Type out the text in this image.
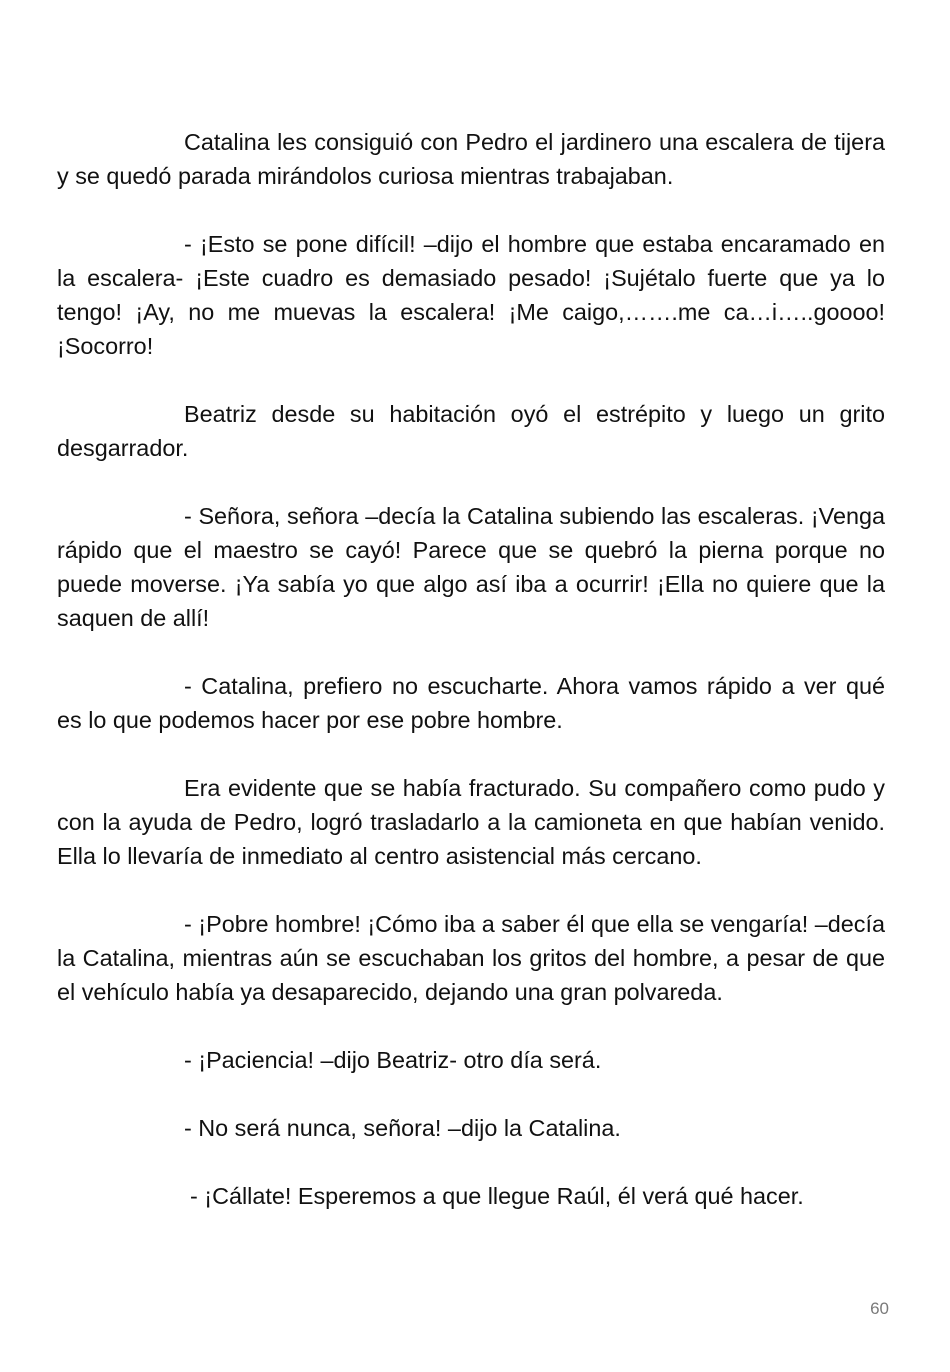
Catalina les consiguió con Pedro el jardinero una escalera de tijera y se quedó parada mirándolos curiosa mientras trabajaban.

- ¡Esto se pone difícil! –dijo el hombre que estaba encaramado en la escalera- ¡Este cuadro es demasiado pesado! ¡Sujétalo fuerte que ya lo tengo! ¡Ay, no me muevas la escalera! ¡Me caigo,…….me ca…i…..goooo! ¡Socorro!

Beatriz desde su habitación oyó el estrépito y luego un grito desgarrador.

- Señora, señora –decía la Catalina subiendo las escaleras. ¡Venga rápido que el maestro se cayó! Parece que se quebró la pierna porque no puede moverse. ¡Ya sabía yo que algo así iba a ocurrir! ¡Ella no quiere que la saquen de allí!

- Catalina, prefiero no escucharte. Ahora vamos rápido a ver qué es lo que podemos hacer por ese pobre hombre.

Era evidente que se había fracturado. Su compañero como pudo y con la ayuda de Pedro, logró trasladarlo a la camioneta en que habían venido. Ella lo llevaría de inmediato al centro asistencial más cercano.

- ¡Pobre hombre! ¡Cómo iba a saber él que ella se vengaría! –decía la Catalina, mientras aún se escuchaban los gritos del hombre, a pesar de que el vehículo había ya desaparecido, dejando una gran polvareda.

- ¡Paciencia! –dijo Beatriz- otro día será.

- No será nunca, señora! –dijo la Catalina.

- ¡Cállate! Esperemos a que llegue Raúl, él verá qué hacer.

60
